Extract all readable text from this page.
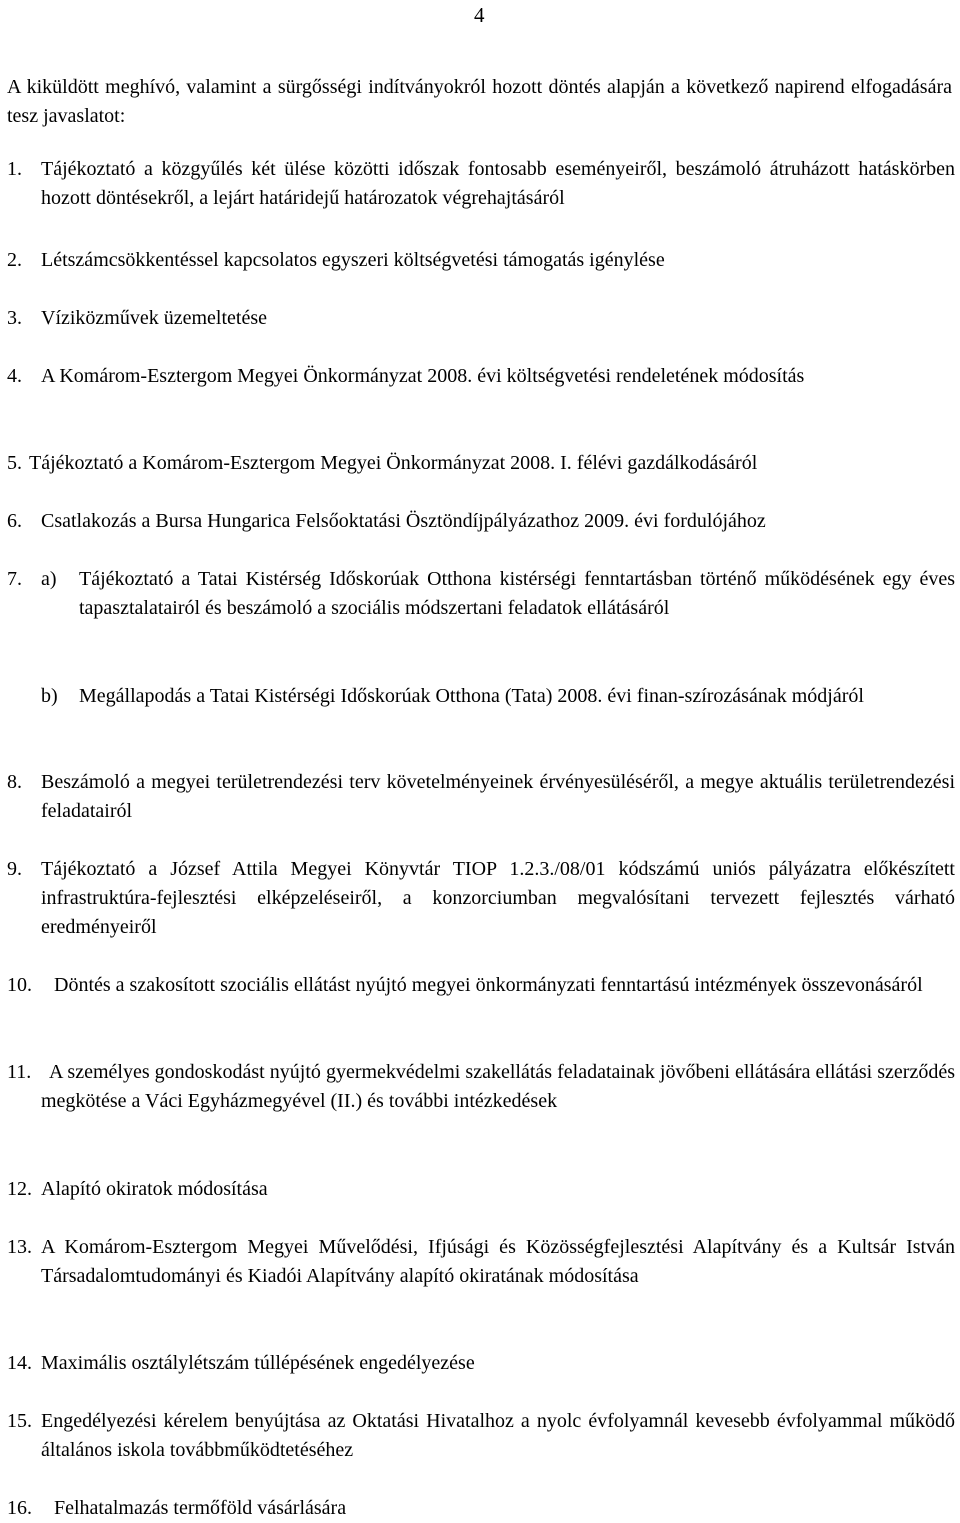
4

A kiküldött meghívó, valamint a sürgősségi indítványokról hozott döntés alapján a következő napirend elfogadására tesz javaslatot:

1. Tájékoztató a közgyűlés két ülése közötti időszak fontosabb eseményeiről, beszámoló átruházott hatáskörben hozott döntésekről, a lejárt határidejű határozatok végrehajtásáról
2. Létszámcsökkentéssel kapcsolatos egyszeri költségvetési támogatás igénylése
3. Víziközművek üzemeltetése
4. A Komárom-Esztergom Megyei Önkormányzat 2008. évi költségvetési rendeletének módosítás
5. Tájékoztató a Komárom-Esztergom Megyei Önkormányzat 2008. I. félévi gazdálkodásáról
6. Csatlakozás a Bursa Hungarica Felsőoktatási Ösztöndíjpályázathoz 2009. évi fordulójához
7. a) Tájékoztató a Tatai Kistérség Időskorúak Otthona kistérségi fenntartásban történő működésének egy éves tapasztalatairól és beszámoló a szociális módszertani feladatok ellátásáról
b) Megállapodás a Tatai Kistérségi Időskorúak Otthona (Tata) 2008. évi finan-szírozásának módjáról
8. Beszámoló a megyei területrendezési terv követelményeinek érvényesüléséről, a megye aktuális területrendezési feladatairól
9. Tájékoztató a József Attila Megyei Könyvtár TIOP 1.2.3./08/01 kódszámú uniós pályázatra előkészített infrastruktúra-fejlesztési elképzeléseiről, a konzorciumban megvalósítani tervezett fejlesztés várható eredményeiről
10. Döntés a szakosított szociális ellátást nyújtó megyei önkormányzati fenntartású intézmények összevonásáról
11. A személyes gondoskodást nyújtó gyermekvédelmi szakellátás feladatainak jövőbeni ellátására ellátási szerződés megkötése a Váci Egyházmegyével (II.) és további intézkedések
12. Alapító okiratok módosítása
13. A Komárom-Esztergom Megyei Művelődési, Ifjúsági és Közösségfejlesztési Alapítvány és a Kultsár István Társadalomtudományi és Kiadói Alapítvány alapító okiratának módosítása
14. Maximális osztálylétszám túllépésének engedélyezése
15. Engedélyezési kérelem benyújtása az Oktatási Hivatalhoz a nyolc évfolyamnál kevesebb évfolyammal működő általános iskola továbbműködtetéséhez
16. Felhatalmazás termőföld vásárlására
